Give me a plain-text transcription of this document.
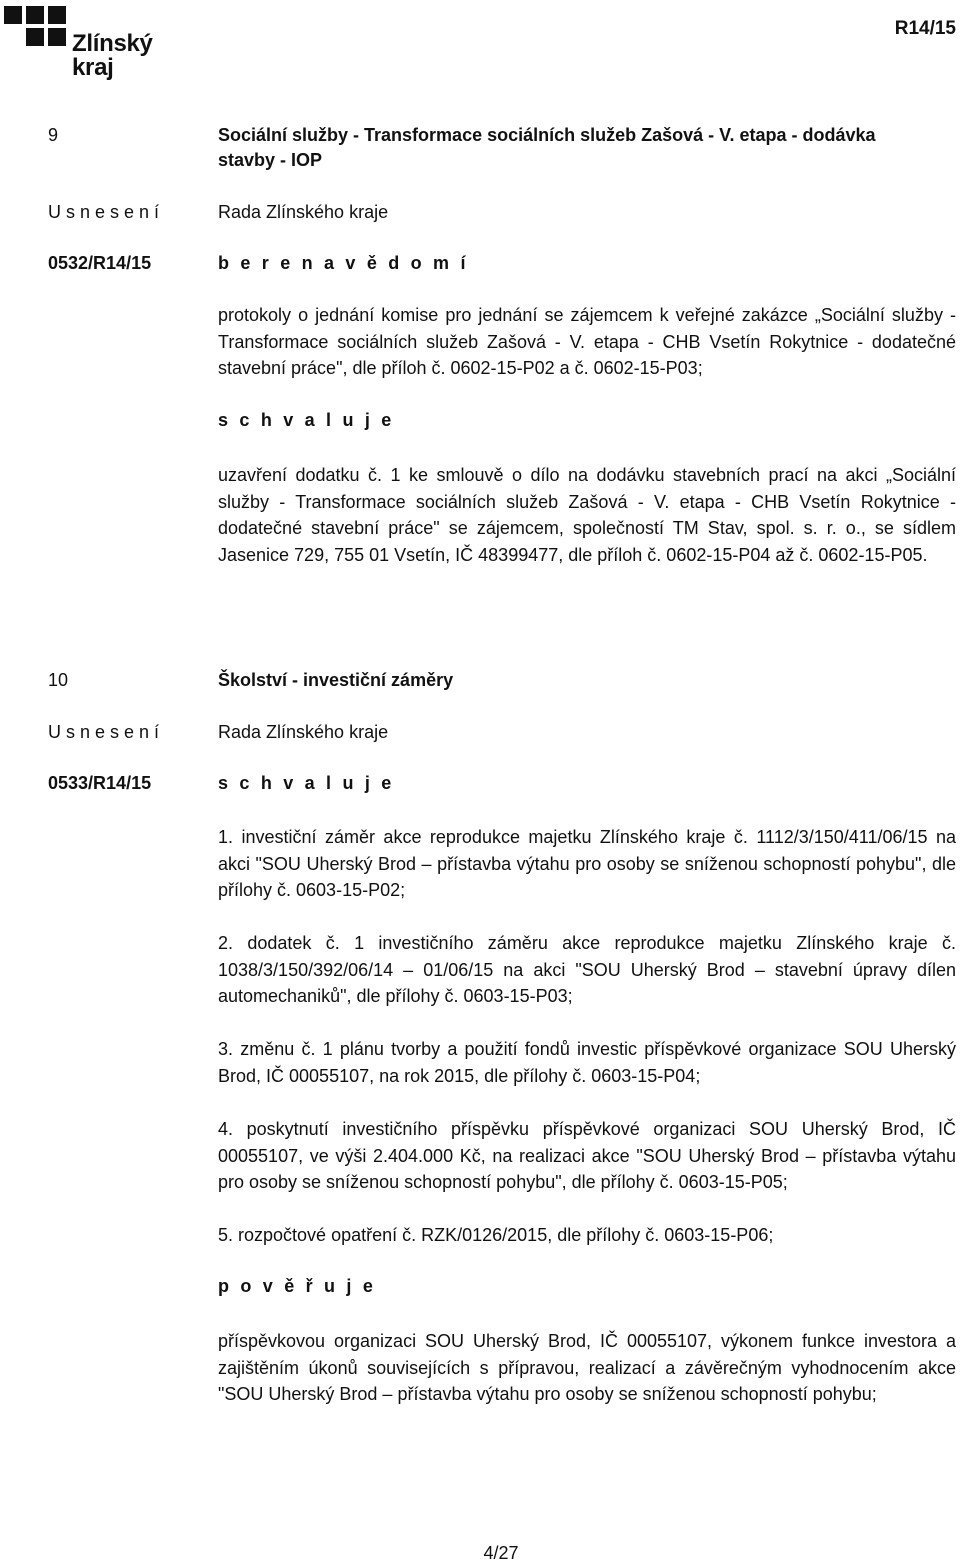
Zlínský kraj
R14/15
9	Sociální služby - Transformace sociálních služeb Zašová - V. etapa - dodávka
stavby - IOP
U s n e s e n í	Rada Zlínského kraje
0532/R14/15	b e r e n a v ě d o m í
protokoly o jednání komise pro jednání se zájemcem k veřejné zakázce „Sociální služby - Transformace sociálních služeb Zašová - V. etapa - CHB Vsetín Rokytnice - dodatečné stavební práce", dle příloh č. 0602-15-P02 a č. 0602-15-P03;
s c h v a l u j e
uzavření dodatku č. 1 ke smlouvě o dílo na dodávku stavebních prací na akci „Sociální služby - Transformace sociálních služeb Zašová - V. etapa - CHB Vsetín Rokytnice - dodatečné stavební práce" se zájemcem, společností TM Stav, spol. s. r. o., se sídlem Jasenice 729, 755 01 Vsetín, IČ 48399477, dle příloh č. 0602-15-P04 až č. 0602-15-P05.
10	Školství - investiční záměry
U s n e s e n í	Rada Zlínského kraje
0533/R14/15	s c h v a l u j e
1. investiční záměr akce reprodukce majetku Zlínského kraje č. 1112/3/150/411/06/15 na akci "SOU Uherský Brod – přístavba výtahu pro osoby se sníženou schopností pohybu", dle přílohy č. 0603-15-P02;
2. dodatek č. 1 investičního záměru akce reprodukce majetku Zlínského kraje č. 1038/3/150/392/06/14 – 01/06/15 na akci "SOU Uherský Brod – stavební úpravy dílen automechaniků", dle přílohy č. 0603-15-P03;
3. změnu č. 1 plánu tvorby a použití fondů investic příspěvkové organizace SOU Uherský Brod, IČ 00055107, na rok 2015, dle přílohy č. 0603-15-P04;
4. poskytnutí investičního příspěvku příspěvkové organizaci SOU Uherský Brod, IČ 00055107, ve výši 2.404.000 Kč, na realizaci akce "SOU Uherský Brod – přístavba výtahu pro osoby se sníženou schopností pohybu", dle přílohy č. 0603-15-P05;
5. rozpočtové opatření č. RZK/0126/2015, dle přílohy č. 0603-15-P06;
p o v ě ř u j e
příspěvkovou organizaci SOU Uherský Brod, IČ 00055107, výkonem funkce investora a zajištěním úkonů souvisejících s přípravou, realizací a závěrečným vyhodnocením akce "SOU Uherský Brod – přístavba výtahu pro osoby se sníženou schopností pohybu;
4/27
